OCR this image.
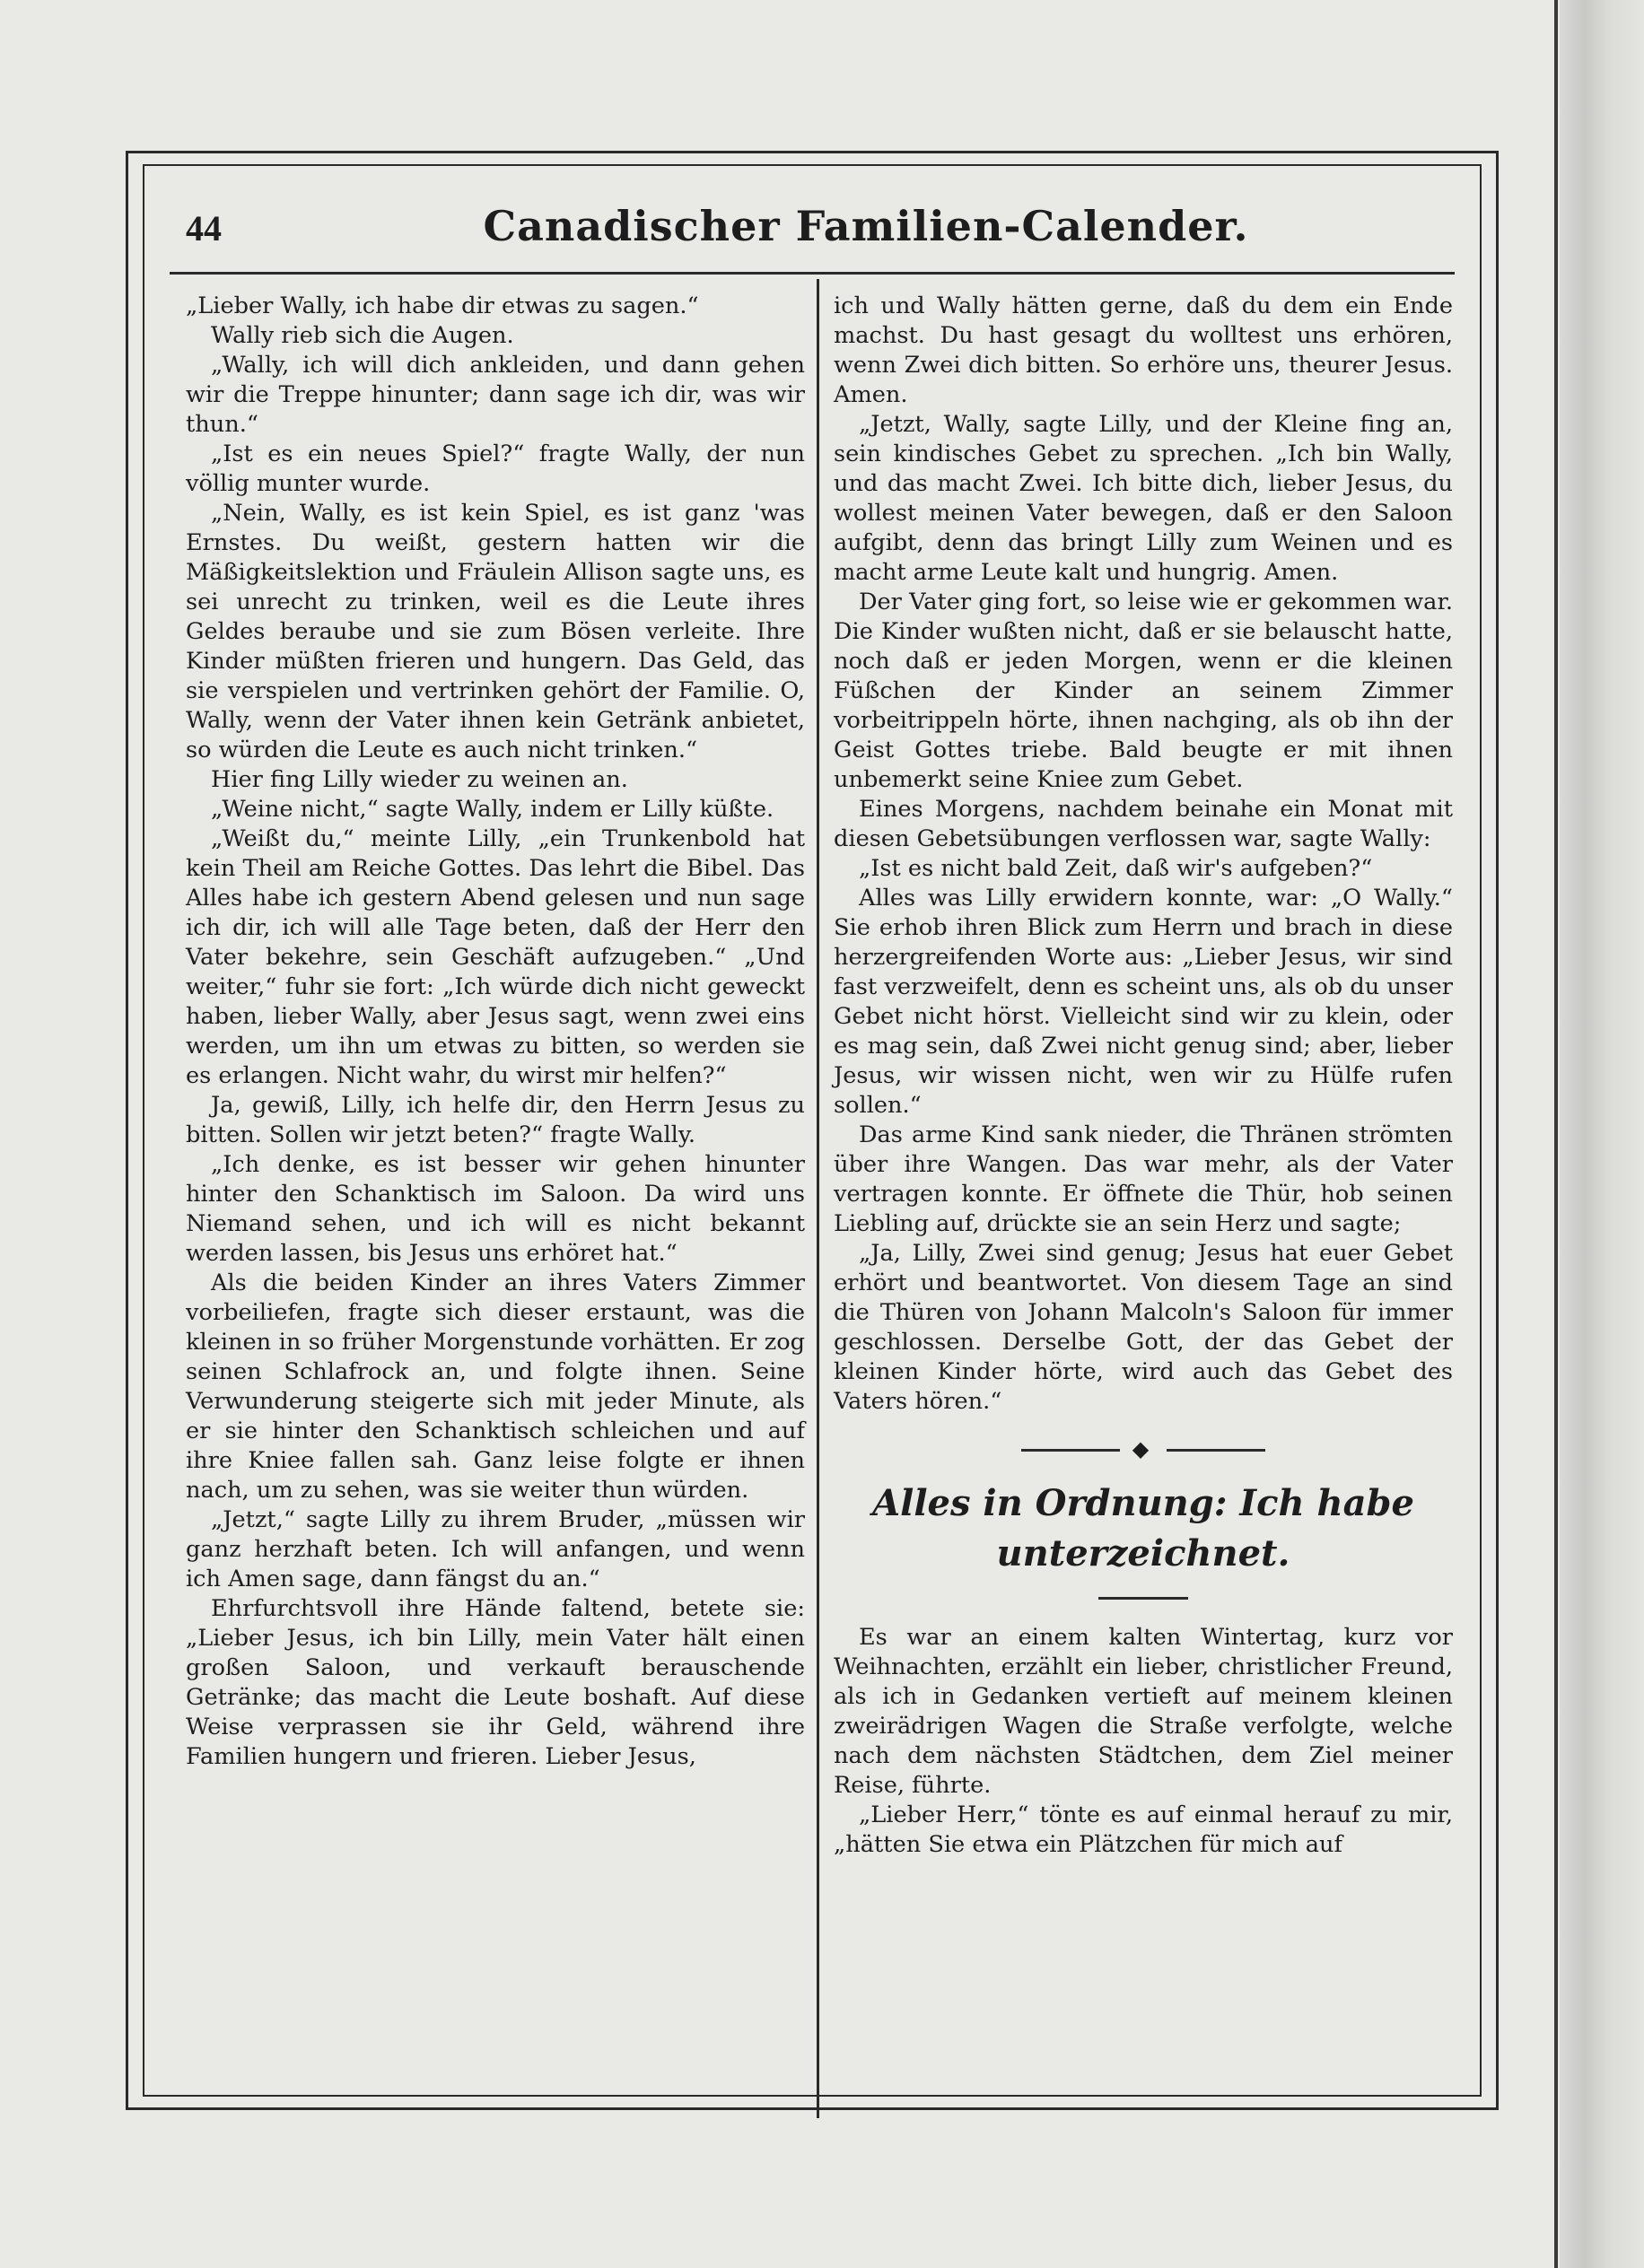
44	Canadischer Familien-Calender.

„Lieber Wally, ich habe dir etwas zu sagen.“

Wally rieb sich die Augen.

„Wally, ich will dich ankleiden, und dann gehen wir die Treppe hinunter; dann sage ich dir, was wir thun.“

„Ist es ein neues Spiel?“ fragte Wally, der nun völlig munter wurde.

„Nein, Wally, es ist kein Spiel, es ist ganz 'was Ernstes. Du weißt, gestern hatten wir die Mäßigkeitslektion und Fräulein Allison sagte uns, es sei unrecht zu trinken, weil es die Leute ihres Geldes beraube und sie zum Bösen verleite. Ihre Kinder müßten frieren und hungern. Das Geld, das sie verspielen und vertrinken gehört der Familie. O, Wally, wenn der Vater ihnen kein Getränk anbietet, so würden die Leute es auch nicht trinken.“

Hier fing Lilly wieder zu weinen an.

„Weine nicht,“ sagte Wally, indem er Lilly küßte.

„Weißt du,“ meinte Lilly, „ein Trunkenbold hat kein Theil am Reiche Gottes. Das lehrt die Bibel. Das Alles habe ich gestern Abend gelesen und nun sage ich dir, ich will alle Tage beten, daß der Herr den Vater bekehre, sein Geschäft aufzugeben.“ „Und weiter,“ fuhr sie fort: „Ich würde dich nicht geweckt haben, lieber Wally, aber Jesus sagt, wenn zwei eins werden, um ihn um etwas zu bitten, so werden sie es erlangen. Nicht wahr, du wirst mir helfen?“

Ja, gewiß, Lilly, ich helfe dir, den Herrn Jesus zu bitten. Sollen wir jetzt beten?“ fragte Wally.

„Ich denke, es ist besser wir gehen hinunter hinter den Schanktisch im Saloon. Da wird uns Niemand sehen, und ich will es nicht bekannt werden lassen, bis Jesus uns erhöret hat.“

Als die beiden Kinder an ihres Vaters Zimmer vorbeiliefen, fragte sich dieser erstaunt, was die kleinen in so früher Morgenstunde vorhätten. Er zog seinen Schlafrock an, und folgte ihnen. Seine Verwunderung steigerte sich mit jeder Minute, als er sie hinter den Schanktisch schleichen und auf ihre Kniee fallen sah. Ganz leise folgte er ihnen nach, um zu sehen, was sie weiter thun würden.

„Jetzt,“ sagte Lilly zu ihrem Bruder, „müssen wir ganz herzhaft beten. Ich will anfangen, und wenn ich Amen sage, dann fängst du an.“

Ehrfurchtsvoll ihre Hände faltend, betete sie: „Lieber Jesus, ich bin Lilly, mein Vater hält einen großen Saloon, und verkauft berauschende Getränke; das macht die Leute boshaft. Auf diese Weise verprassen sie ihr Geld, während ihre Familien hungern und frieren. Lieber Jesus,

ich und Wally hätten gerne, daß du dem ein Ende machst. Du hast gesagt du wolltest uns erhören, wenn Zwei dich bitten. So erhöre uns, theurer Jesus. Amen.

„Jetzt, Wally, sagte Lilly, und der Kleine fing an, sein kindisches Gebet zu sprechen. „Ich bin Wally, und das macht Zwei. Ich bitte dich, lieber Jesus, du wollest meinen Vater bewegen, daß er den Saloon aufgibt, denn das bringt Lilly zum Weinen und es macht arme Leute kalt und hungrig. Amen.

Der Vater ging fort, so leise wie er gekommen war. Die Kinder wußten nicht, daß er sie belauscht hatte, noch daß er jeden Morgen, wenn er die kleinen Füßchen der Kinder an seinem Zimmer vorbeitrippeln hörte, ihnen nachging, als ob ihn der Geist Gottes triebe. Bald beugte er mit ihnen unbemerkt seine Kniee zum Gebet.

Eines Morgens, nachdem beinahe ein Monat mit diesen Gebetsübungen verflossen war, sagte Wally:

„Ist es nicht bald Zeit, daß wir's aufgeben?“

Alles was Lilly erwidern konnte, war: „O Wally.“ Sie erhob ihren Blick zum Herrn und brach in diese herzergreifenden Worte aus: „Lieber Jesus, wir sind fast verzweifelt, denn es scheint uns, als ob du unser Gebet nicht hörst. Vielleicht sind wir zu klein, oder es mag sein, daß Zwei nicht genug sind; aber, lieber Jesus, wir wissen nicht, wen wir zu Hülfe rufen sollen.“

Das arme Kind sank nieder, die Thränen strömten über ihre Wangen. Das war mehr, als der Vater vertragen konnte. Er öffnete die Thür, hob seinen Liebling auf, drückte sie an sein Herz und sagte;

„Ja, Lilly, Zwei sind genug; Jesus hat euer Gebet erhört und beantwortet. Von diesem Tage an sind die Thüren von Johann Malcoln's Saloon für immer geschlossen. Derselbe Gott, der das Gebet der kleinen Kinder hörte, wird auch das Gebet des Vaters hören.“

◆
Alles in Ordnung: Ich habe unterzeichnet.

Es war an einem kalten Wintertag, kurz vor Weihnachten, erzählt ein lieber, christlicher Freund, als ich in Gedanken vertieft auf meinem kleinen zweirädrigen Wagen die Straße verfolgte, welche nach dem nächsten Städtchen, dem Ziel meiner Reise, führte.

„Lieber Herr,“ tönte es auf einmal herauf zu mir, „hätten Sie etwa ein Plätzchen für mich auf
